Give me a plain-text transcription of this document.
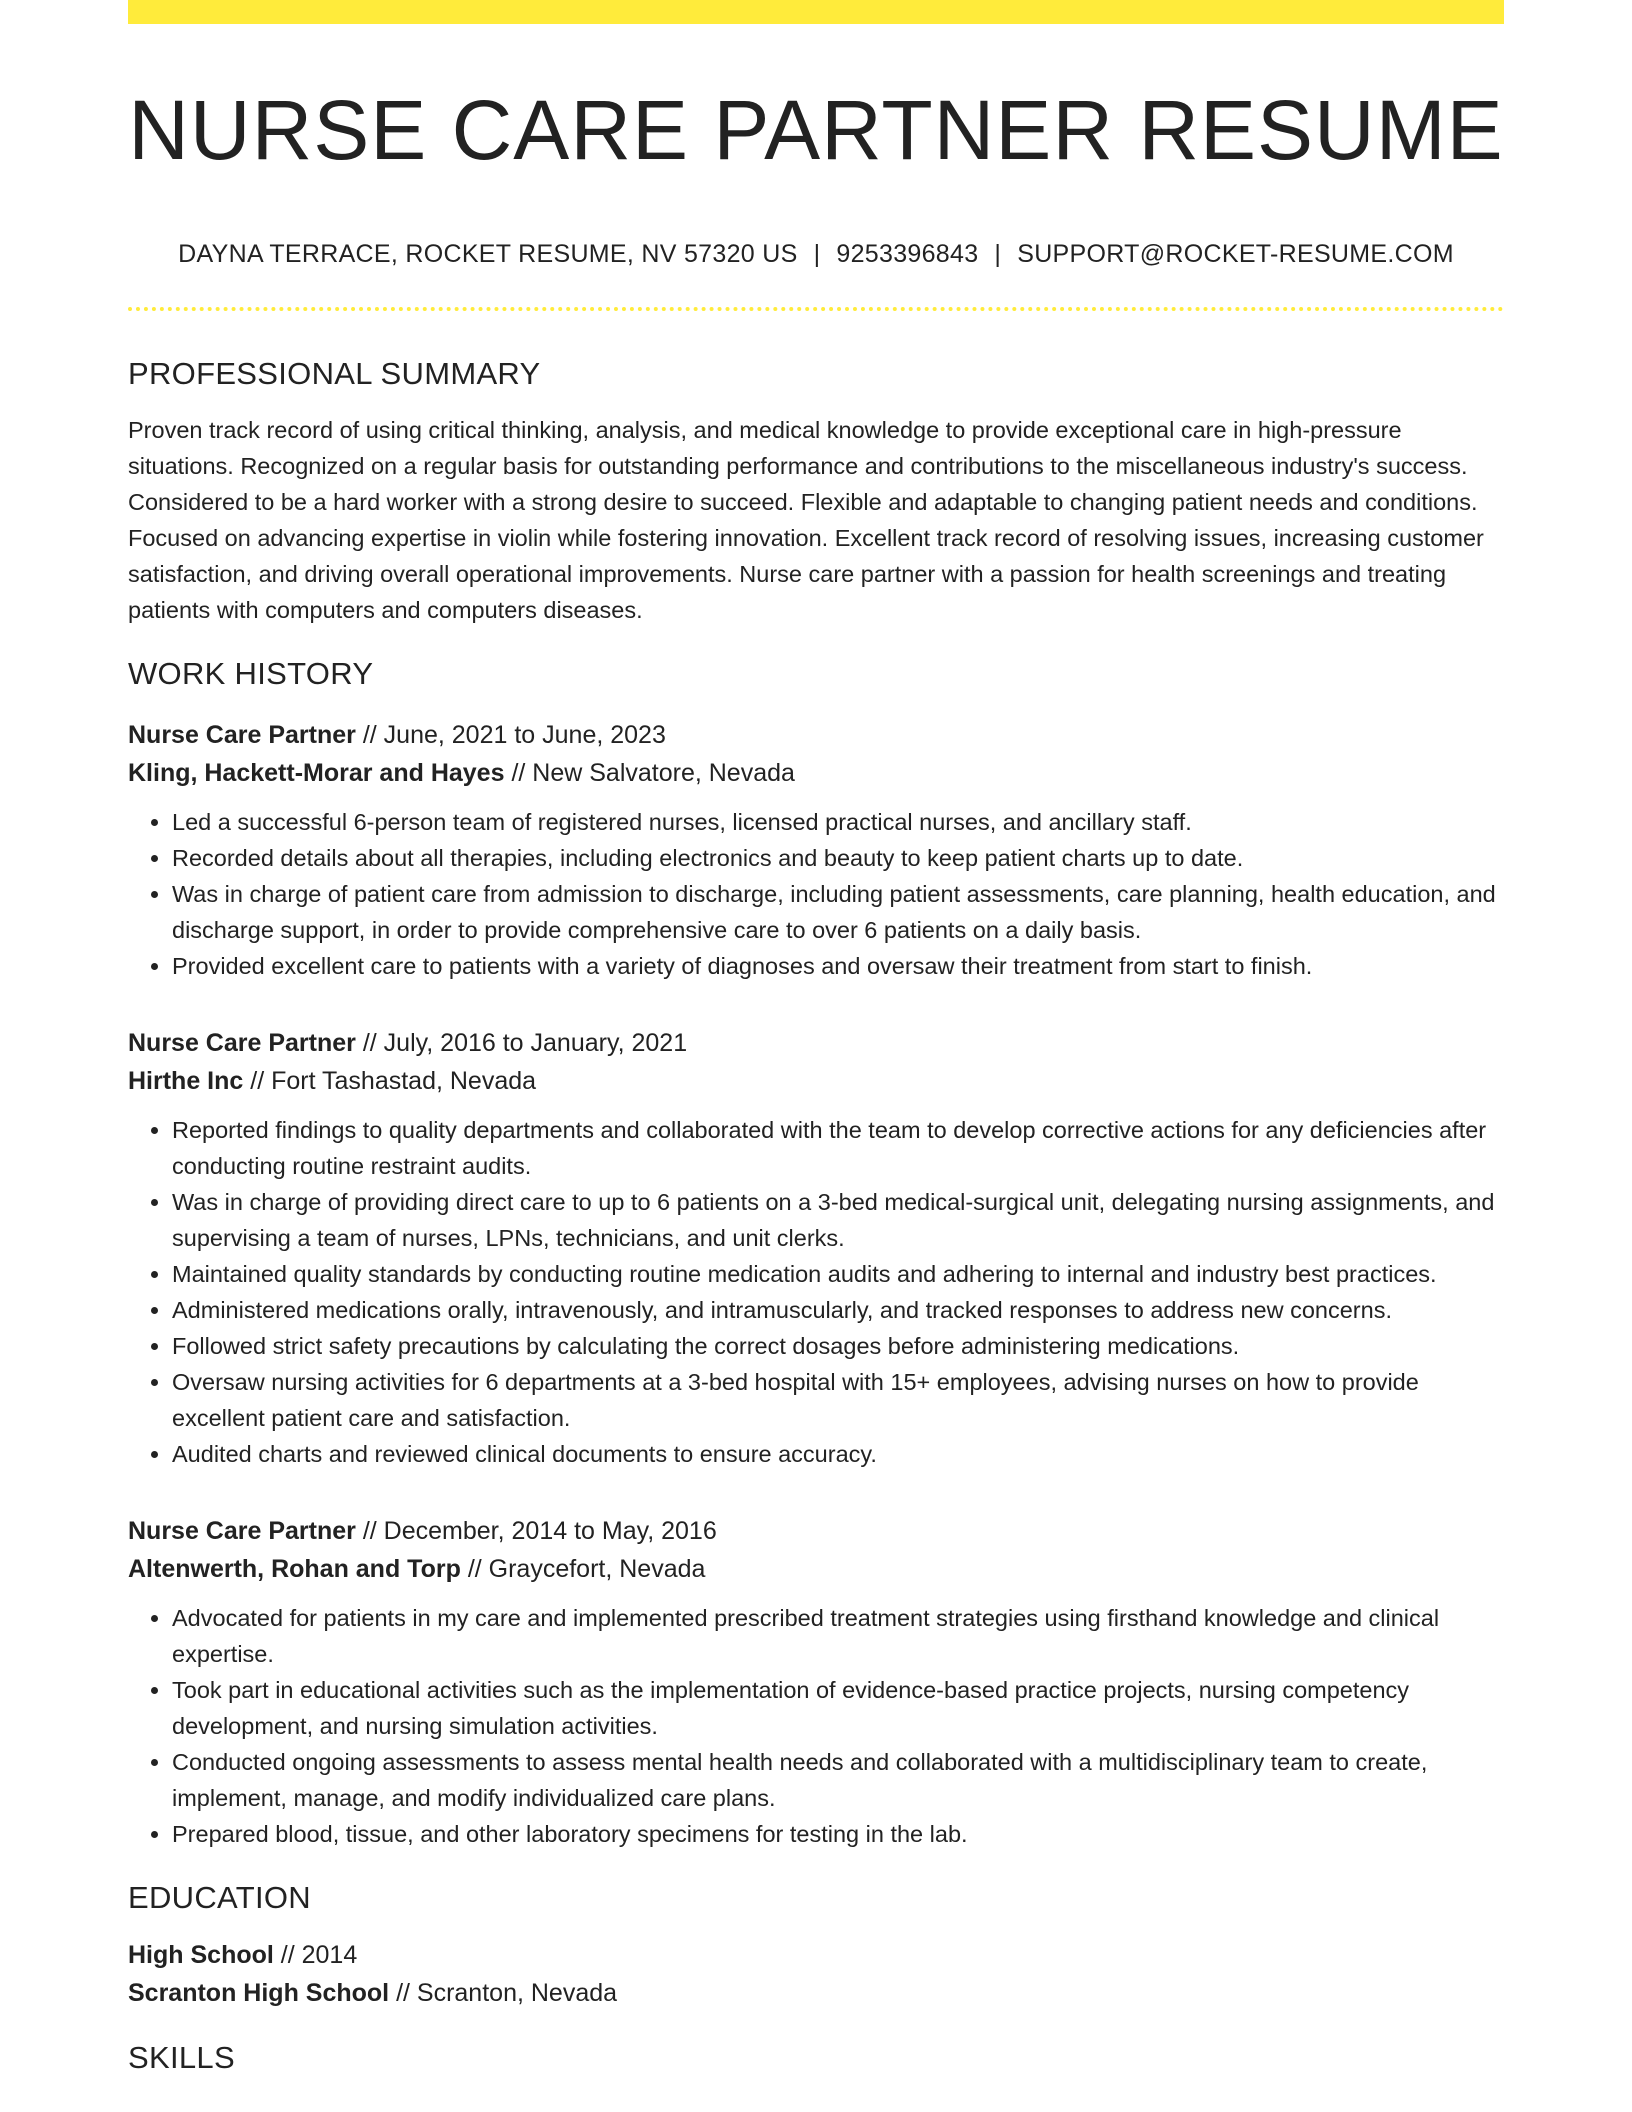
NURSE CARE PARTNER RESUME
DAYNA TERRACE, ROCKET RESUME, NV 57320 US | 9253396843 | SUPPORT@ROCKET-RESUME.COM
PROFESSIONAL SUMMARY

Proven track record of using critical thinking, analysis, and medical knowledge to provide exceptional care in high-pressure situations. Recognized on a regular basis for outstanding performance and contributions to the miscellaneous industry's success. Considered to be a hard worker with a strong desire to succeed. Flexible and adaptable to changing patient needs and conditions. Focused on advancing expertise in violin while fostering innovation. Excellent track record of resolving issues, increasing customer satisfaction, and driving overall operational improvements. Nurse care partner with a passion for health screenings and treating patients with computers and computers diseases.

WORK HISTORY
Nurse Care Partner // June, 2021 to June, 2023
Kling, Hackett-Morar and Hayes // New Salvatore, Nevada
• Led a successful 6-person team of registered nurses, licensed practical nurses, and ancillary staff.
• Recorded details about all therapies, including electronics and beauty to keep patient charts up to date.
• Was in charge of patient care from admission to discharge, including patient assessments, care planning, health education, and discharge support, in order to provide comprehensive care to over 6 patients on a daily basis.
• Provided excellent care to patients with a variety of diagnoses and oversaw their treatment from start to finish.
Nurse Care Partner // July, 2016 to January, 2021
Hirthe Inc // Fort Tashastad, Nevada
• Reported findings to quality departments and collaborated with the team to develop corrective actions for any deficiencies after conducting routine restraint audits.
• Was in charge of providing direct care to up to 6 patients on a 3-bed medical-surgical unit, delegating nursing assignments, and supervising a team of nurses, LPNs, technicians, and unit clerks.
• Maintained quality standards by conducting routine medication audits and adhering to internal and industry best practices.
• Administered medications orally, intravenously, and intramuscularly, and tracked responses to address new concerns.
• Followed strict safety precautions by calculating the correct dosages before administering medications.
• Oversaw nursing activities for 6 departments at a 3-bed hospital with 15+ employees, advising nurses on how to provide excellent patient care and satisfaction.
• Audited charts and reviewed clinical documents to ensure accuracy.
Nurse Care Partner // December, 2014 to May, 2016
Altenwerth, Rohan and Torp // Graycefort, Nevada
• Advocated for patients in my care and implemented prescribed treatment strategies using firsthand knowledge and clinical expertise.
• Took part in educational activities such as the implementation of evidence-based practice projects, nursing competency development, and nursing simulation activities.
• Conducted ongoing assessments to assess mental health needs and collaborated with a multidisciplinary team to create, implement, manage, and modify individualized care plans.
• Prepared blood, tissue, and other laboratory specimens for testing in the lab.
EDUCATION
High School // 2014
Scranton High School // Scranton, Nevada
SKILLS
